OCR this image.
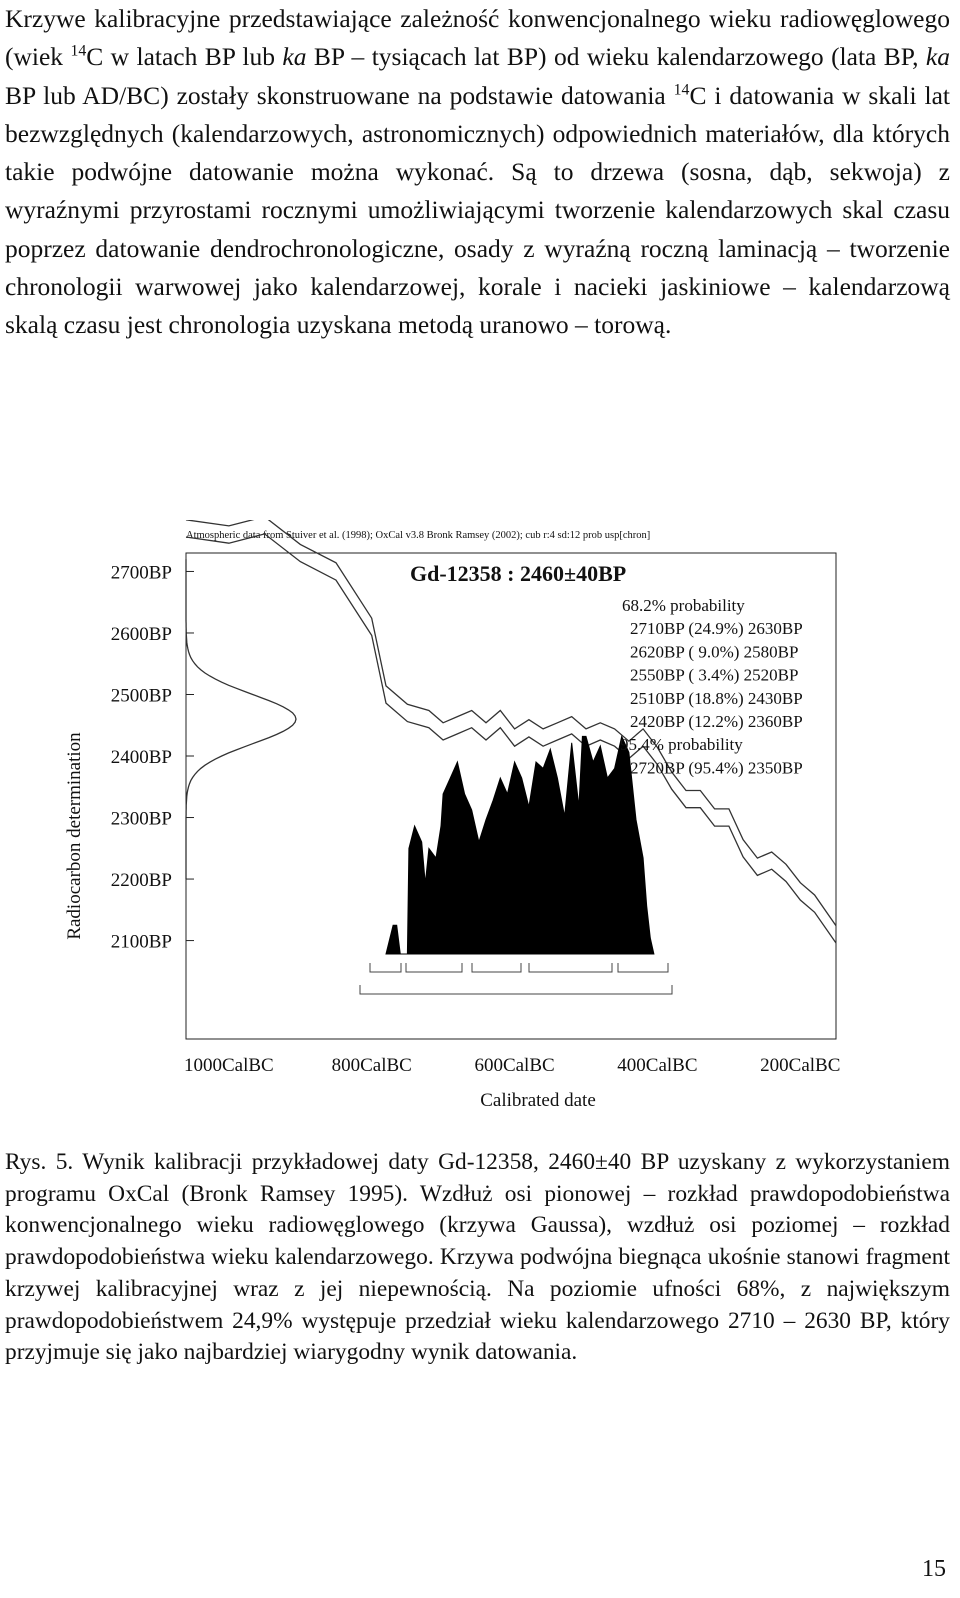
Krzywe kalibracyjne przedstawiające zależność konwencjonalnego wieku radiowęglowego (wiek $^{14}$C w latach BP lub ka BP – tysiącach lat BP) od wieku kalendarzowego (lata BP, ka BP lub AD/BC) zostały skonstruowane na podstawie datowania $^{14}$C i datowania w skali lat bezwzględnych (kalendarzowych, astronomicznych) odpowiednich materiałów, dla których takie podwójne datowanie można wykonać. Są to drzewa (sosna, dąb, sekwoja) z wyraźnymi przyrostami rocznymi umożliwiającymi tworzenie kalendarzowych skal czasu poprzez datowanie dendrochronologiczne, osady z wyraźną roczną laminacją – tworzenie chronologii warwowej jako kalendarzowej, korale i nacieki jaskiniowe – kalendarzową skalą czasu jest chronologia uzyskana metodą uranowo – torową.

Atmospheric data from Stuiver et al. (1998); OxCal v3.8 Bronk Ramsey (2002); cub r:4 sd:12 prob usp[chron]
Radiocarbon determination
Calibrated date
2700BP
2600BP
2500BP
2400BP
2300BP
2200BP
2100BP
1000CalBC	800CalBC	600CalBC	400CalBC	200CalBC
Gd-12358 : 2460±40BP
68.2% probability
2710BP (24.9%) 2630BP
2620BP ( 9.0%) 2580BP
2550BP ( 3.4%) 2520BP
2510BP (18.8%) 2430BP
2420BP (12.2%) 2360BP
95.4% probability
2720BP (95.4%) 2350BP

Rys. 5. Wynik kalibracji przykładowej daty Gd-12358, 2460±40 BP uzyskany z wykorzystaniem programu OxCal (Bronk Ramsey 1995). Wzdłuż osi pionowej – rozkład prawdopodobieństwa konwencjonalnego wieku radiowęglowego (krzywa Gaussa), wzdłuż osi poziomej – rozkład prawdopodobieństwa wieku kalendarzowego. Krzywa podwójna biegnąca ukośnie stanowi fragment krzywej kalibracyjnej wraz z jej niepewnością. Na poziomie ufności 68%, z największym prawdopodobieństwem 24,9% występuje przedział wieku kalendarzowego 2710 – 2630 BP, który przyjmuje się jako najbardziej wiarygodny wynik datowania.

15
